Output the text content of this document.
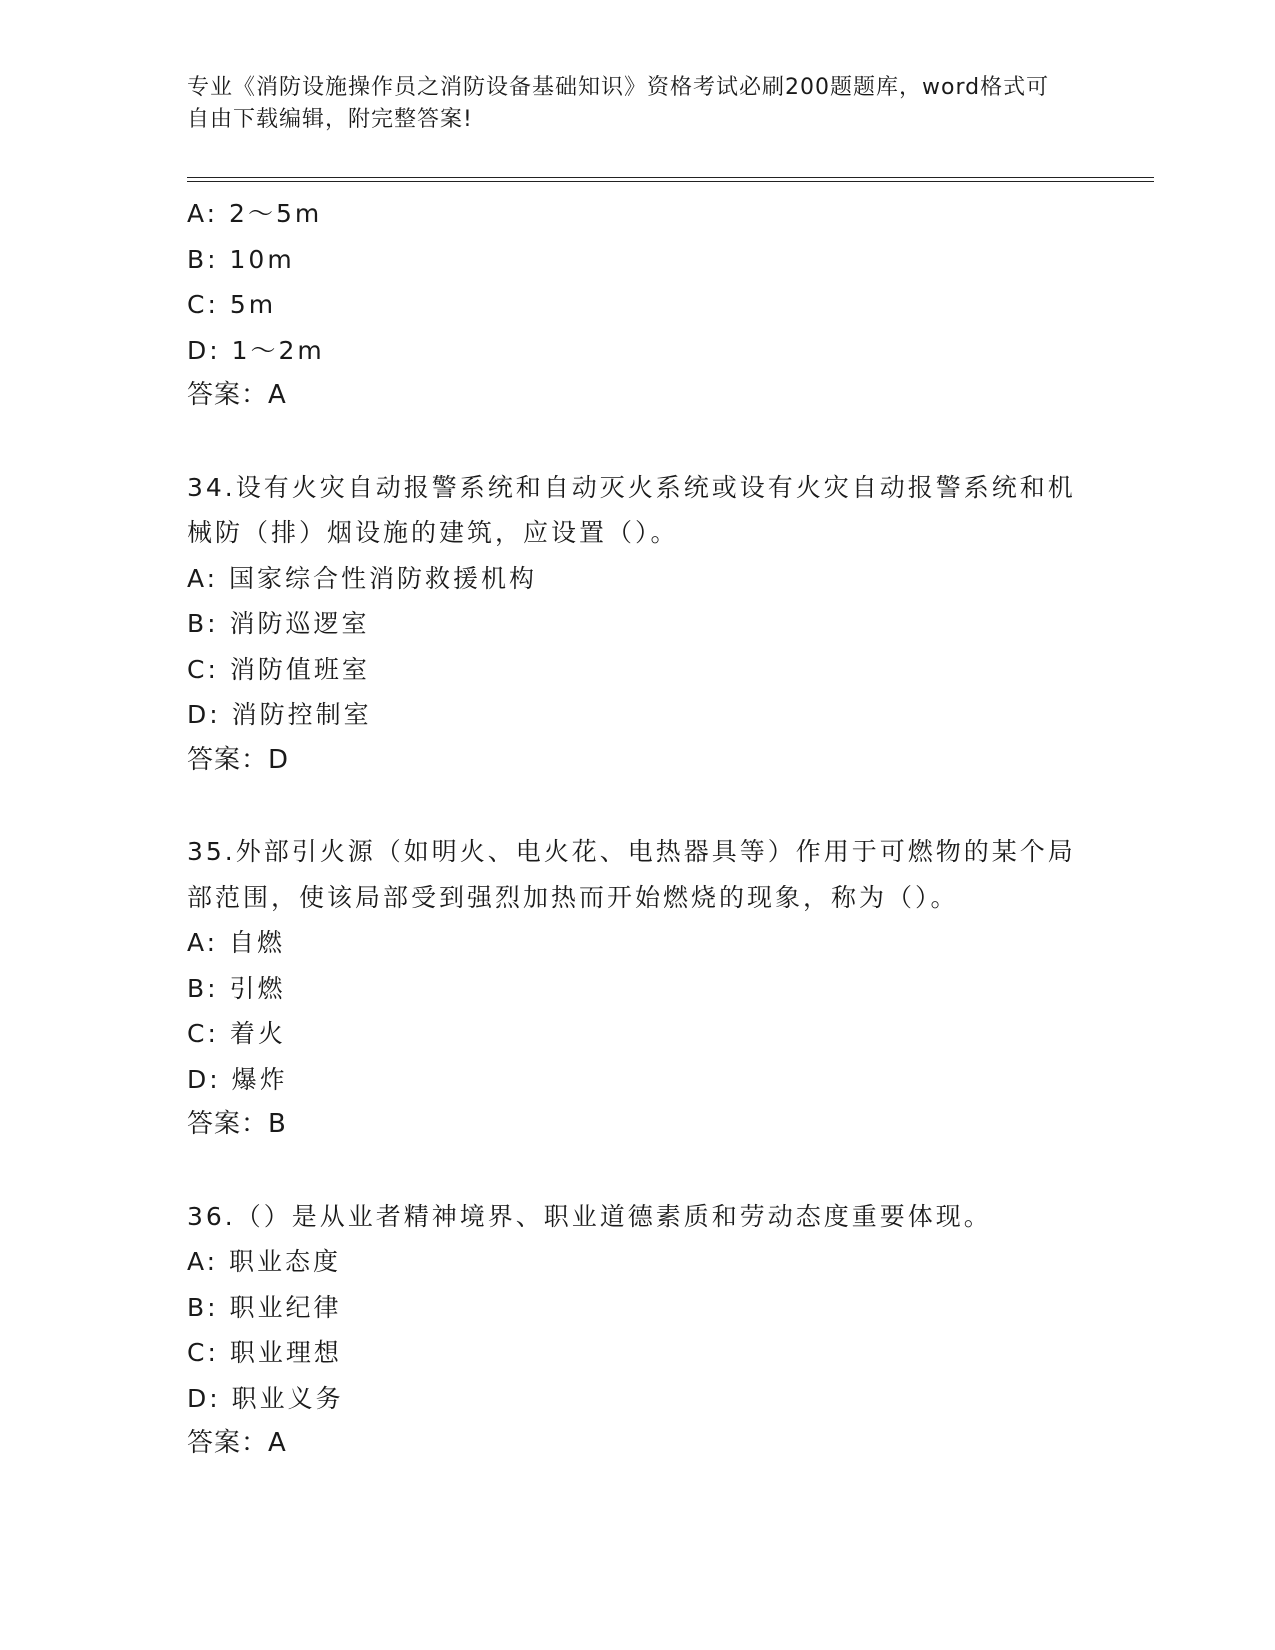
专业《消防设施操作员之消防设备基础知识》资格考试必刷200题题库，word格式可自由下载编辑，附完整答案!
A: 2～5m
B: 10m
C: 5m
D: 1～2m
答案：A
34.设有火灾自动报警系统和自动灭火系统或设有火灾自动报警系统和机械防（排）烟设施的建筑，应设置（）。
A: 国家综合性消防救援机构
B: 消防巡逻室
C: 消防值班室
D: 消防控制室
答案：D
35.外部引火源（如明火、电火花、电热器具等）作用于可燃物的某个局部范围，使该局部受到强烈加热而开始燃烧的现象，称为（）。
A: 自燃
B: 引燃
C: 着火
D: 爆炸
答案：B
36.（）是从业者精神境界、职业道德素质和劳动态度重要体现。
A: 职业态度
B: 职业纪律
C: 职业理想
D: 职业义务
答案：A
